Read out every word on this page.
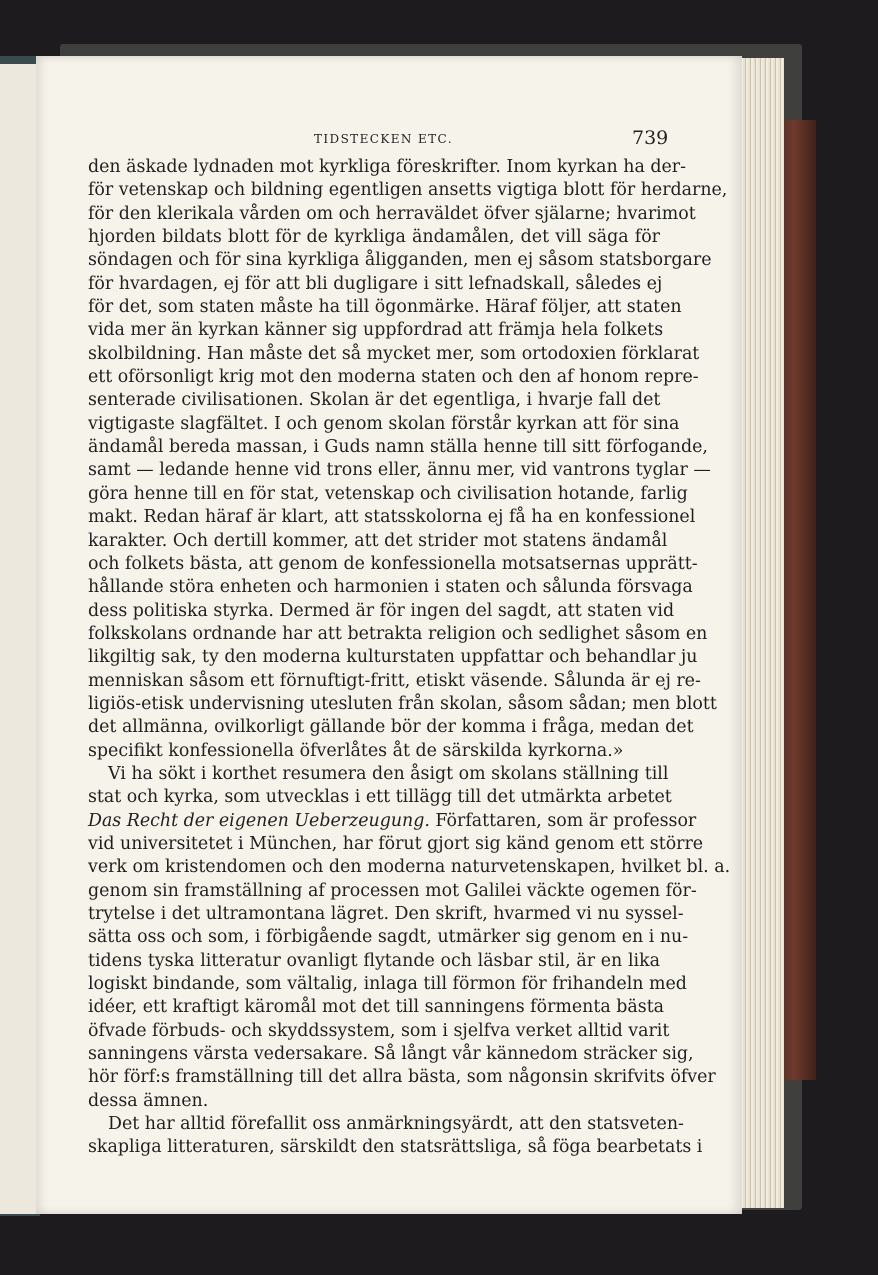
TIDSTECKEN ETC.	739
den äskade lydnaden mot kyrkliga föreskrifter. Inom kyrkan ha der-
för vetenskap och bildning egentligen ansetts vigtiga blott för herdarne,
för den klerikala vården om och herraväldet öfver själarne; hvarimot
hjorden bildats blott för de kyrkliga ändamålen, det vill säga för
söndagen och för sina kyrkliga åligganden, men ej såsom statsborgare
för hvardagen, ej för att bli dugligare i sitt lefnadskall, således ej
för det, som staten måste ha till ögonmärke. Häraf följer, att staten
vida mer än kyrkan känner sig uppfordrad att främja hela folkets
skolbildning. Han måste det så mycket mer, som ortodoxien förklarat
ett oförsonligt krig mot den moderna staten och den af honom repre-
senterade civilisationen. Skolan är det egentliga, i hvarje fall det
vigtigaste slagfältet. I och genom skolan förstår kyrkan att för sina
ändamål bereda massan, i Guds namn ställa henne till sitt förfogande,
samt — ledande henne vid trons eller, ännu mer, vid vantrons tyglar —
göra henne till en för stat, vetenskap och civilisation hotande, farlig
makt. Redan häraf är klart, att statsskolorna ej få ha en konfessionel
karakter. Och dertill kommer, att det strider mot statens ändamål
och folkets bästa, att genom de konfessionella motsatsernas upprätt-
hållande störa enheten och harmonien i staten och sålunda försvaga
dess politiska styrka. Dermed är för ingen del sagdt, att staten vid
folkskolans ordnande har att betrakta religion och sedlighet såsom en
likgiltig sak, ty den moderna kulturstaten uppfattar och behandlar ju
menniskan såsom ett förnuftigt-fritt, etiskt väsende. Sålunda är ej re-
ligiös-etisk undervisning utesluten från skolan, såsom sådan; men blott
det allmänna, ovilkorligt gällande bör der komma i fråga, medan det
specifikt konfessionella öfverlåtes åt de särskilda kyrkorna.»
Vi ha sökt i korthet resumera den åsigt om skolans ställning till
stat och kyrka, som utvecklas i ett tillägg till det utmärkta arbetet
Das Recht der eigenen Ueberzeugung. Författaren, som är professor
vid universitetet i München, har förut gjort sig känd genom ett större
verk om kristendomen och den moderna naturvetenskapen, hvilket bl. a.
genom sin framställning af processen mot Galilei väckte ogemen för-
trytelse i det ultramontana lägret. Den skrift, hvarmed vi nu syssel-
sätta oss och som, i förbigående sagdt, utmärker sig genom en i nu-
tidens tyska litteratur ovanligt flytande och läsbar stil, är en lika
logiskt bindande, som vältalig, inlaga till förmon för frihandeln med
idéer, ett kraftigt käromål mot det till sanningens förmenta bästa
öfvade förbuds- och skyddssystem, som i sjelfva verket alltid varit
sanningens värsta vedersakare. Så långt vår kännedom sträcker sig,
hör förf:s framställning till det allra bästa, som någonsin skrifvits öfver
dessa ämnen.
Det har alltid förefallit oss anmärkningsyärdt, att den statsveten-
skapliga litteraturen, särskildt den statsrättsliga, så föga bearbetats i
